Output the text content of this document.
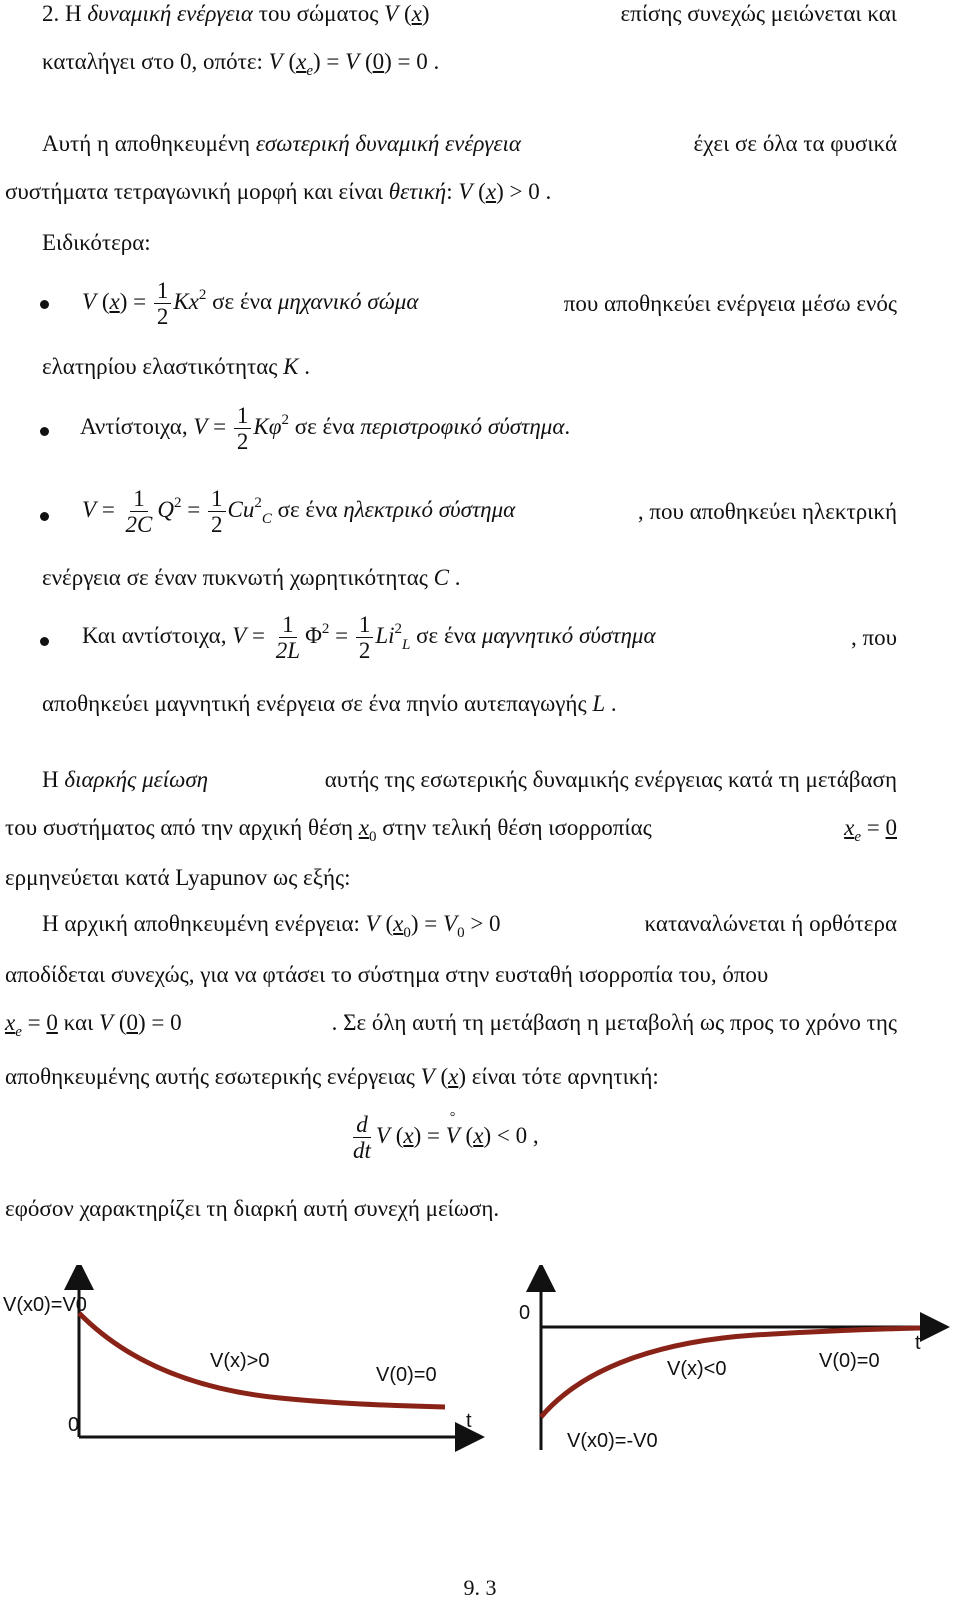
2. Η δυναμική ενέργεια του σώματος V (x)	επίσης συνεχώς μειώνεται και
καταλήγει στο 0, οπότε: V $(x_e) = V$ (0) = 0 .
Αυτή η αποθηκευμένη εσωτερική δυναμική ενέργεια	έχει σε όλα τα φυσικά
συστήματα τετραγωνική μορφή και είναι θετική: V (x) > 0 .
Ειδικότερα:
V $(x) = \frac{1}{2} Kx^2$ σε ένα μηχανικό σώμα	που αποθηκεύει ενέργεια μέσω ενός
ελατηρίου ελαστικότητας K .
Αντίστοιχα, $V = \frac{1}{2} K\varphi^2$ σε ένα περιστροφικό σύστημα.
$V = \frac{1}{2C} Q^2 = \frac{1}{2} Cu^2_C$ σε ένα ηλεκτρικό σύστημα	, που αποθηκεύει ηλεκτρική
ενέργεια σε έναν πυκνωτή χωρητικότητας C .
Και αντίστοιχα, $V = \frac{1}{2L} \Phi^2 = \frac{1}{2} Li^2_L$ σε ένα μαγνητικό σύστημα	, που
αποθηκεύει μαγνητική ενέργεια σε ένα πηνίο αυτεπαγωγής L .
Η διαρκής μείωση	αυτής της εσωτερικής δυναμικής ενέργειας κατά τη μετάβαση
του συστήματος από την αρχική θέση $x_0$ στην τελική θέση ισορροπίας	$x_e = 0$
ερμηνεύεται κατά Lyapunov ως εξής:
Η αρχική αποθηκευμένη ενέργεια: V $(x_0) = V_0 > 0$	καταναλώνεται ή ορθότερα
αποδίδεται συνεχώς, για να φτάσει το σύστημα στην ευσταθή ισορροπία του, όπου
$x_e = 0$ και V (0) = 0	. Σε όλη αυτή τη μετάβαση η μεταβολή ως προς το χρόνο της
αποθηκευμένης αυτής εσωτερικής ενέργειας V (x) είναι τότε αρνητική:
$\frac{d}{dt}$ V (x) =
°
V (x) < 0 ,
εφόσον χαρακτηρίζει τη διαρκή αυτή συνεχή μείωση.
V(x0)=V0
V(x)>0
V(0)=0
0	t
0
t
V(x)<0	V(0)=0
V(x0)=-V0
9. 3
